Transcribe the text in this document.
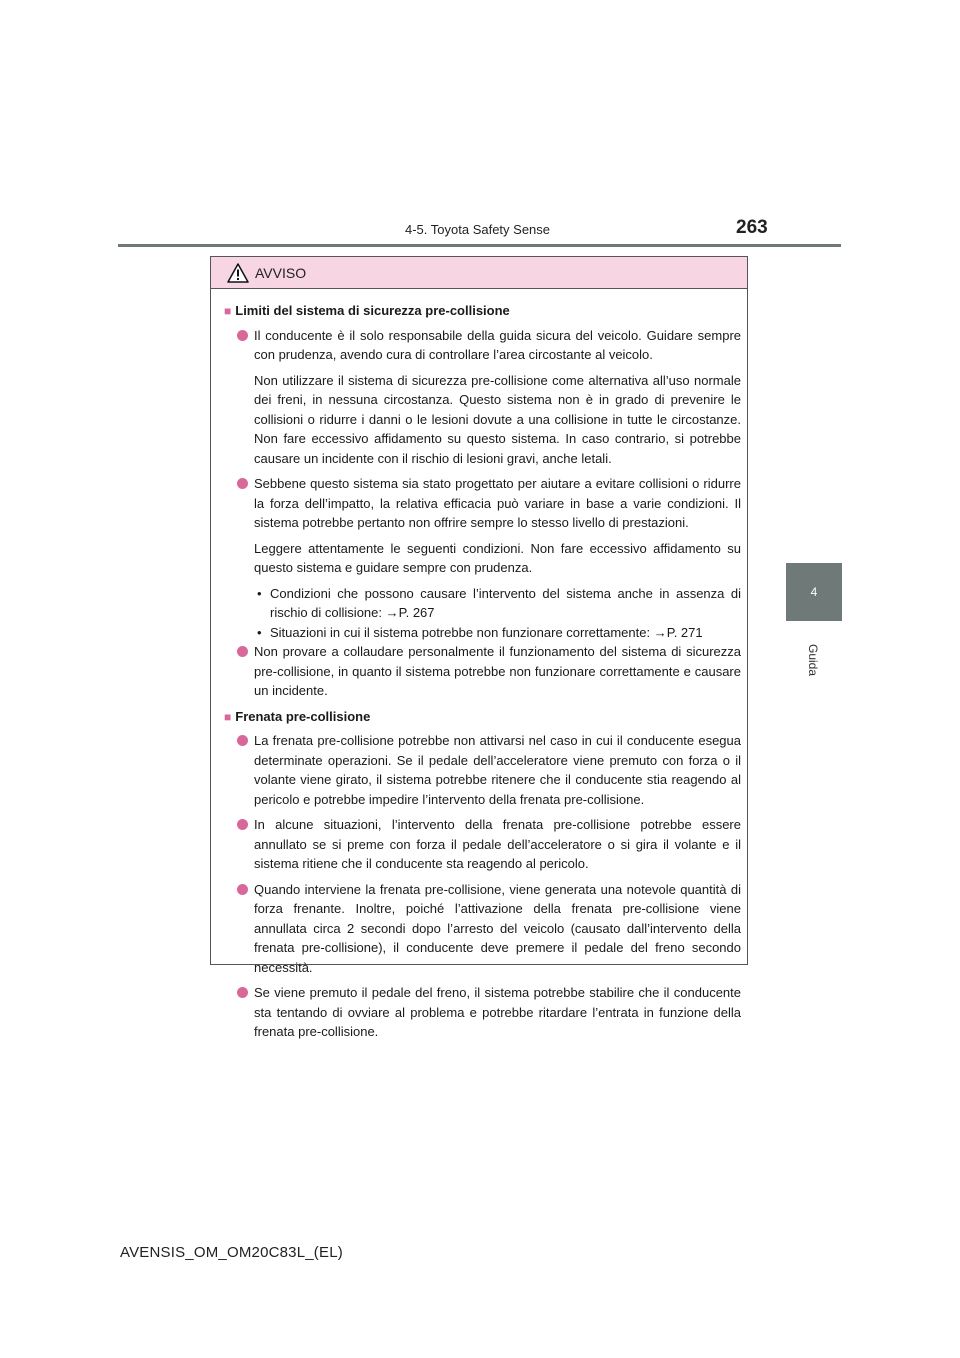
4-5. Toyota Safety Sense	263
4
Guida
AVVISO
■ Limiti del sistema di sicurezza pre-collisione
Il conducente è il solo responsabile della guida sicura del veicolo. Guidare sempre con prudenza, avendo cura di controllare l’area circostante al veicolo.
Non utilizzare il sistema di sicurezza pre-collisione come alternativa all’uso normale dei freni, in nessuna circostanza. Questo sistema non è in grado di prevenire le collisioni o ridurre i danni o le lesioni dovute a una collisione in tutte le circostanze. Non fare eccessivo affidamento su questo sistema. In caso contrario, si potrebbe causare un incidente con il rischio di lesioni gravi, anche letali.
Sebbene questo sistema sia stato progettato per aiutare a evitare collisioni o ridurre la forza dell’impatto, la relativa efficacia può variare in base a varie condizioni. Il sistema potrebbe pertanto non offrire sempre lo stesso livello di prestazioni.
Leggere attentamente le seguenti condizioni. Non fare eccessivo affidamento su questo sistema e guidare sempre con prudenza.
• Condizioni che possono causare l’intervento del sistema anche in assenza di rischio di collisione: →P. 267
• Situazioni in cui il sistema potrebbe non funzionare correttamente: →P. 271
Non provare a collaudare personalmente il funzionamento del sistema di sicurezza pre-collisione, in quanto il sistema potrebbe non funzionare correttamente e causare un incidente.
■ Frenata pre-collisione
La frenata pre-collisione potrebbe non attivarsi nel caso in cui il conducente esegua determinate operazioni. Se il pedale dell’acceleratore viene premuto con forza o il volante viene girato, il sistema potrebbe ritenere che il conducente stia reagendo al pericolo e potrebbe impedire l’intervento della frenata pre-collisione.
In alcune situazioni, l’intervento della frenata pre-collisione potrebbe essere annullato se si preme con forza il pedale dell’acceleratore o si gira il volante e il sistema ritiene che il conducente sta reagendo al pericolo.
Quando interviene la frenata pre-collisione, viene generata una notevole quantità di forza frenante. Inoltre, poiché l’attivazione della frenata pre-collisione viene annullata circa 2 secondi dopo l’arresto del veicolo (causato dall’intervento della frenata pre-collisione), il conducente deve premere il pedale del freno secondo necessità.
Se viene premuto il pedale del freno, il sistema potrebbe stabilire che il conducente sta tentando di ovviare al problema e potrebbe ritardare l’entrata in funzione della frenata pre-collisione.
AVENSIS_OM_OM20C83L_(EL)
